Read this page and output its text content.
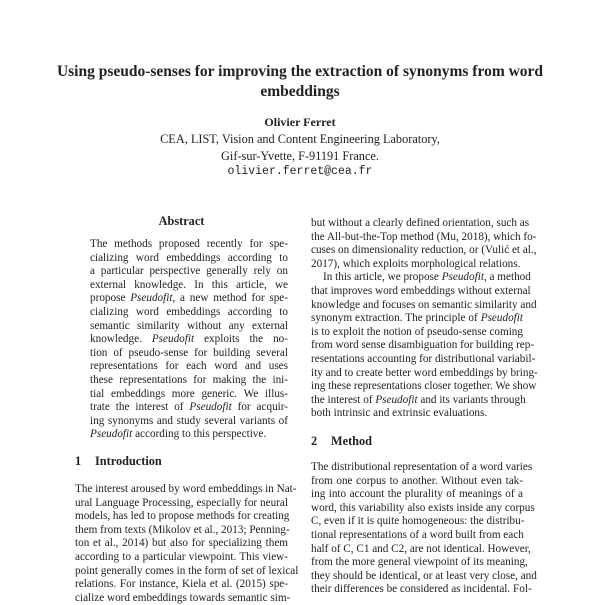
Using pseudo-senses for improving the extraction of synonyms from word
embeddings
Olivier Ferret
CEA, LIST, Vision and Content Engineering Laboratory,
Gif-sur-Yvette, F-91191 France.
olivier.ferret@cea.fr
Abstract
The methods proposed recently for spe-
cializing word embeddings according to
a particular perspective generally rely on
external knowledge. In this article, we
propose Pseudofit, a new method for spe-
cializing word embeddings according to
semantic similarity without any external
knowledge. Pseudofit exploits the no-
tion of pseudo-sense for building several
representations for each word and uses
these representations for making the ini-
tial embeddings more generic. We illus-
trate the interest of Pseudofit for acquir-
ing synonyms and study several variants of
Pseudofit according to this perspective.
1 Introduction
The interest aroused by word embeddings in Nat-
ural Language Processing, especially for neural
models, has led to propose methods for creating
them from texts (Mikolov et al., 2013; Penning-
ton et al., 2014) but also for specializing them
according to a particular viewpoint. This view-
point generally comes in the form of set of lexical
relations. For instance, Kiela et al. (2015) spe-
cialize word embeddings towards semantic sim-
but without a clearly defined orientation, such as
the All-but-the-Top method (Mu, 2018), which fo-
cuses on dimensionality reduction, or (Vulić et al.,
2017), which exploits morphological relations.
In this article, we propose Pseudofit, a method
that improves word embeddings without external
knowledge and focuses on semantic similarity and
synonym extraction. The principle of Pseudofit
is to exploit the notion of pseudo-sense coming
from word sense disambiguation for building rep-
resentations accounting for distributional variabil-
ity and to create better word embeddings by bring-
ing these representations closer together. We show
the interest of Pseudofit and its variants through
both intrinsic and extrinsic evaluations.
2 Method
The distributional representation of a word varies
from one corpus to another. Without even tak-
ing into account the plurality of meanings of a
word, this variability also exists inside any corpus
C, even if it is quite homogeneous: the distribu-
tional representations of a word built from each
half of C, C1 and C2, are not identical. However,
from the more general viewpoint of its meaning,
they should be identical, or at least very close, and
their differences be considered as incidental. Fol-
